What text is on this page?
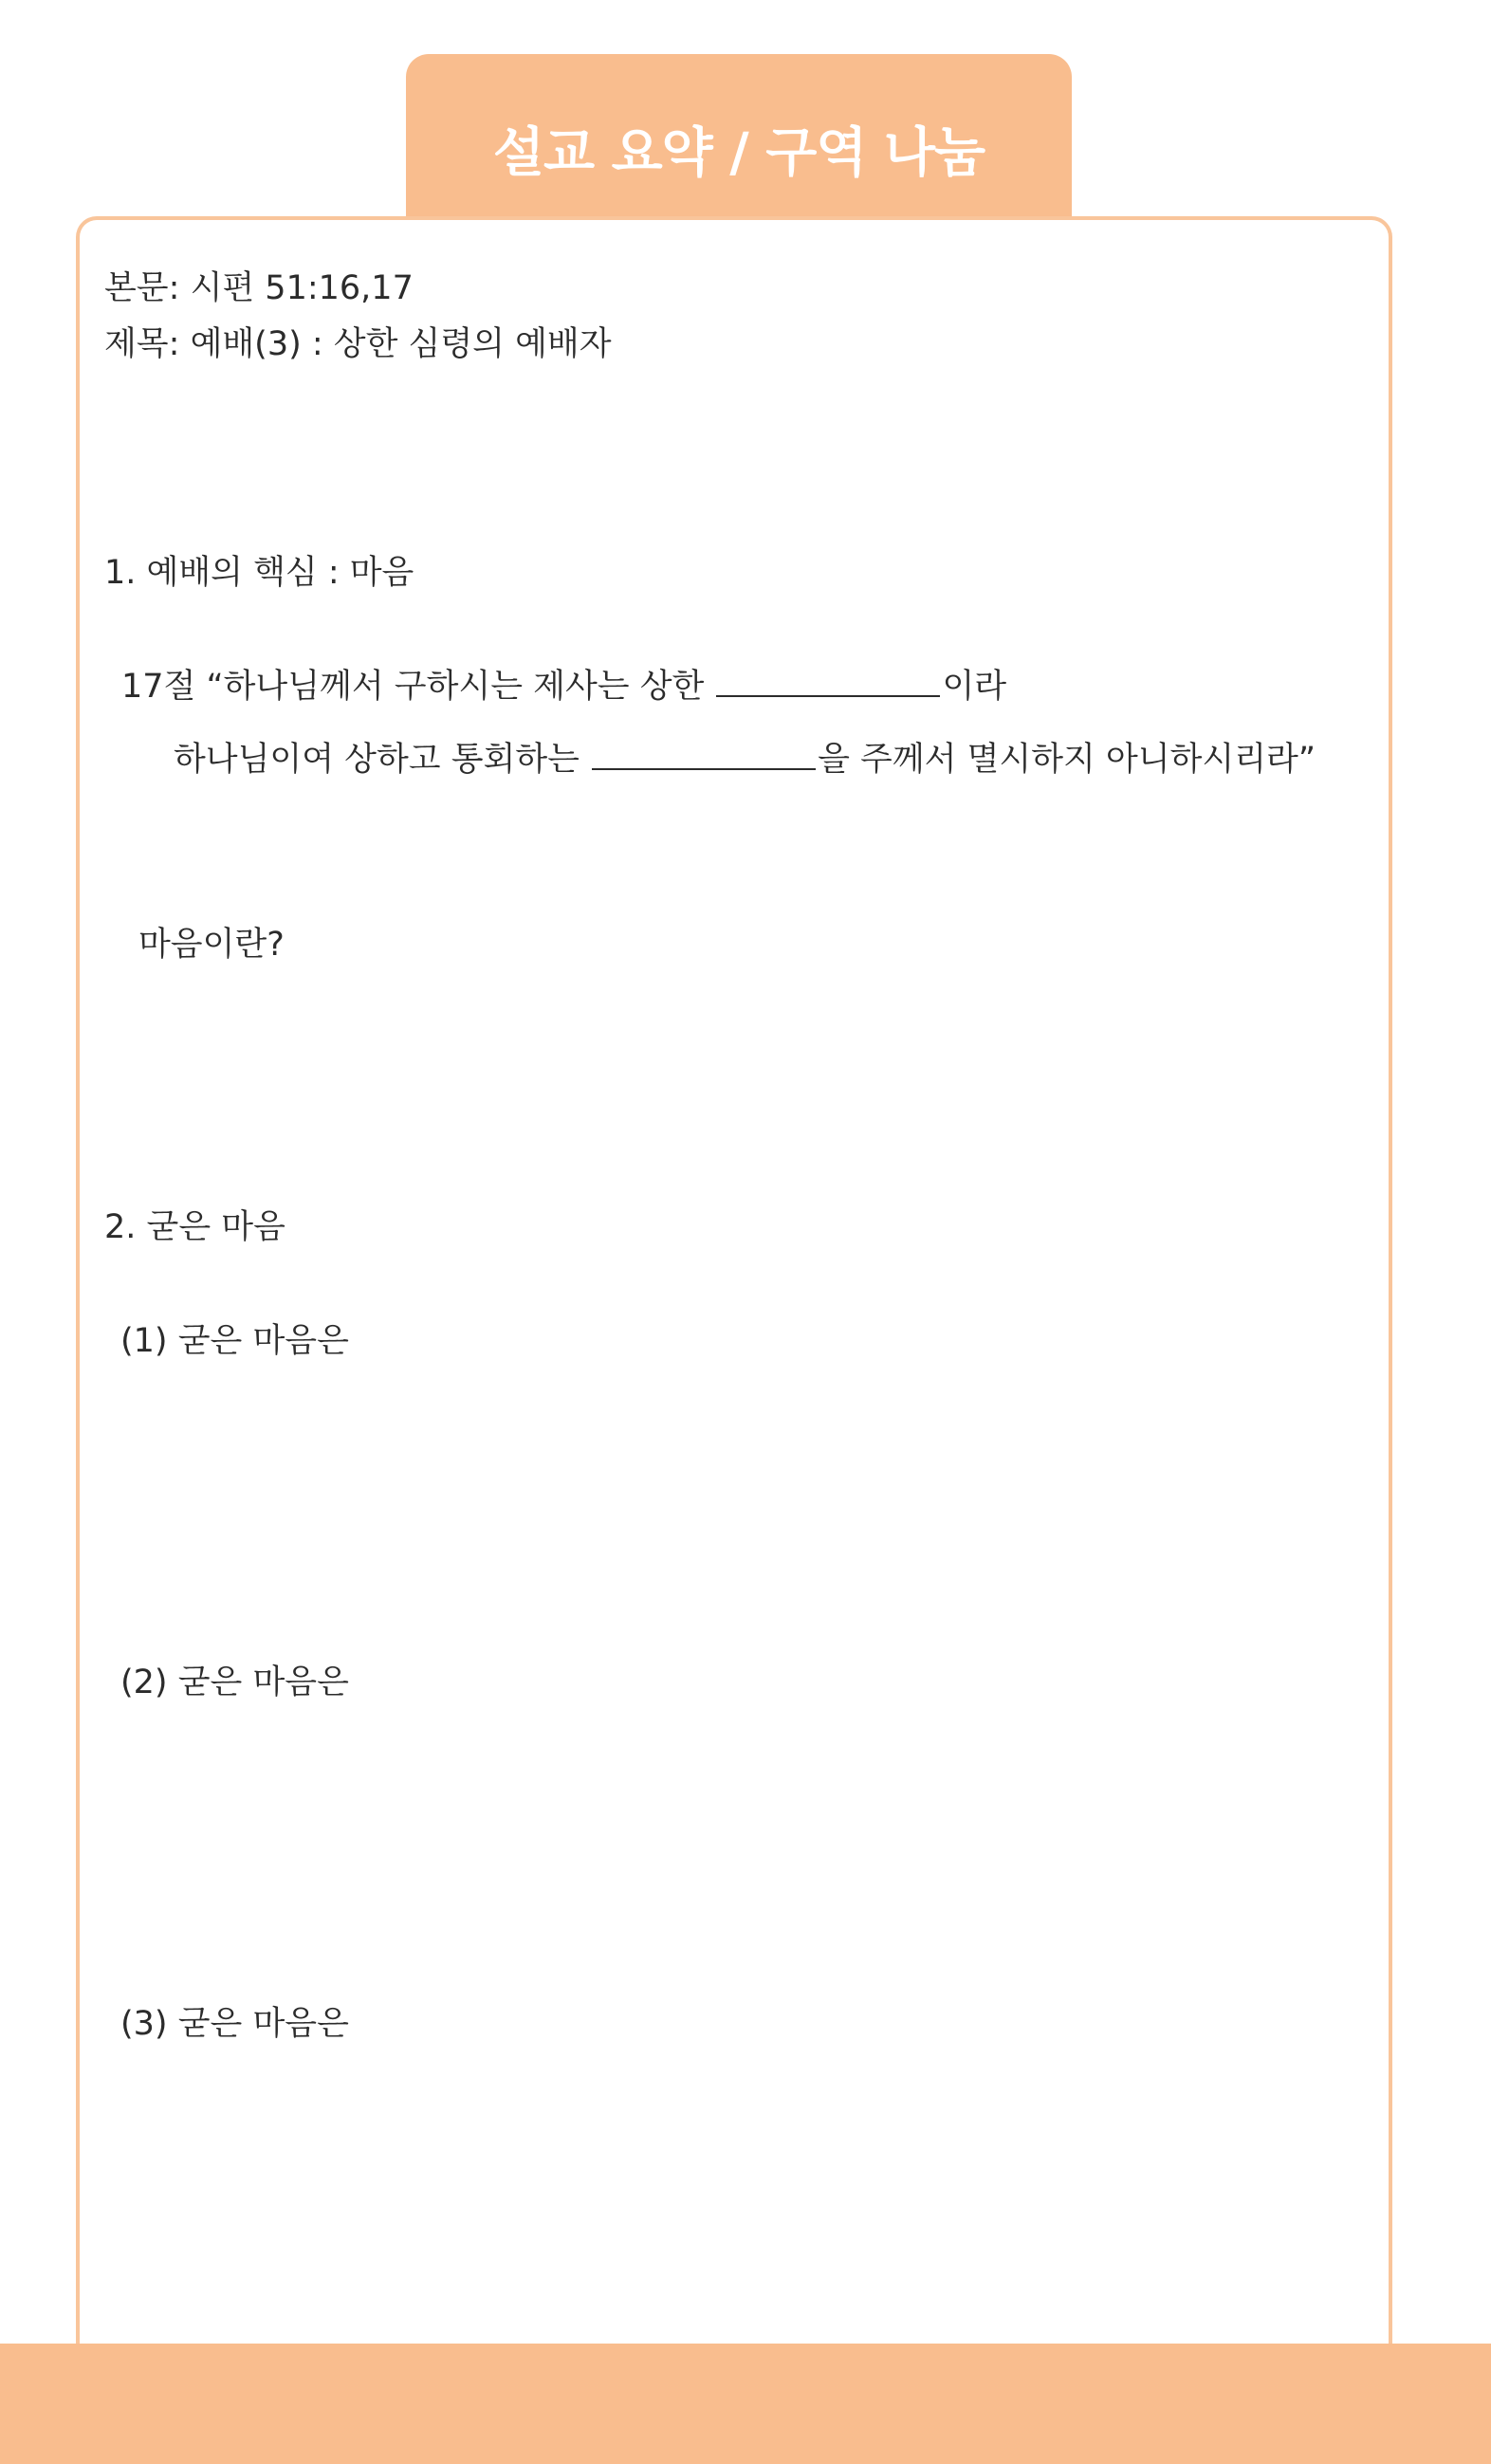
설교 요약 / 구역 나눔
본문: 시편 51:16,17
제목: 예배(3) : 상한 심령의 예배자
1. 예배의 핵심 : 마음
17절 “하나님께서 구하시는 제사는 상한	이라
하나님이여 상하고 통회하는	을 주께서 멸시하지 아니하시리라”
마음이란?
2. 굳은 마음
(1) 굳은 마음은
(2) 굳은 마음은
(3) 굳은 마음은
